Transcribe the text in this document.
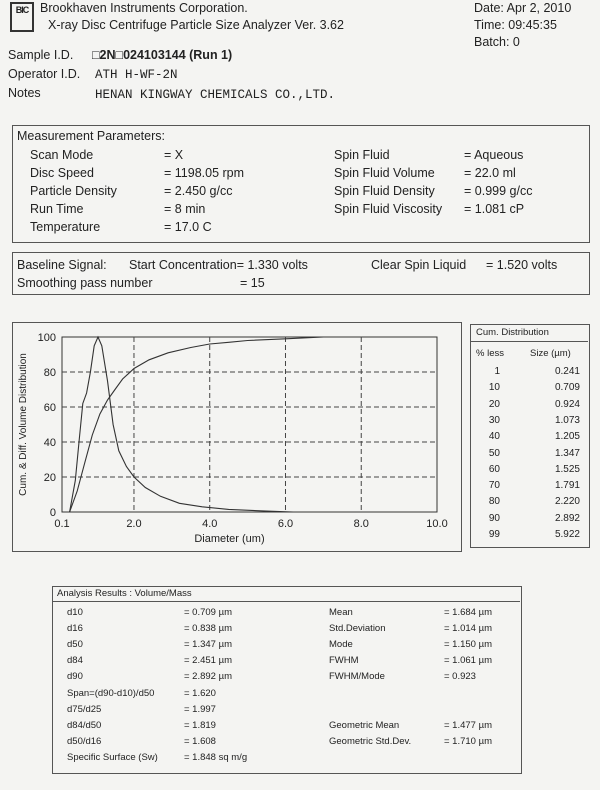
BIC Brookhaven Instruments Corporation.
X-ray Disc Centrifuge Particle Size Analyzer Ver. 3.62
Date: Apr 2, 2010
Time: 09:45:35
Batch: 0
Sample I.D. □2N□024103144 (Run 1)
Operator I.D. ATH H-WF-2N
Notes	HENAN KINGWAY CHEMICALS CO.,LTD.
Measurement Parameters:
Scan Mode	= X
Disc Speed	= 1198.05 rpm
Particle Density	= 2.450 g/cc
Run Time	= 8 min
Temperature	= 17.0 C
Spin Fluid	= Aqueous
Spin Fluid Volume = 22.0 ml
Spin Fluid Density = 0.999 g/cc
Spin Fluid Viscosity = 1.081 cP
Baseline Signal: Start Concentration= 1.330 volts	Clear Spin Liquid = 1.520 volts
Smoothing pass number	= 15
0
20
40
60
80
100
0.1	2.0	4.0	6.0	8.0	10.0
Diameter (um)
Cum. & Diff. Volume Distribution
Cum. Distribution
% less	Size (µm)
1	0.241
10	0.709
20	0.924
30	1.073
40	1.205
50	1.347
60	1.525
70	1.791
80	2.220
90	2.892
99	5.922
Analysis Results : Volume/Mass
d10	= 0.709 µm
d16	= 0.838 µm
d50	= 1.347 µm
d84	= 2.451 µm
d90	= 2.892 µm
Span=(d90-d10)/d50	= 1.620
d75/d25	= 1.997
d84/d50	= 1.819
d50/d16	= 1.608
Specific Surface (Sw)	= 1.848 sq m/g
Mean	= 1.684 µm
Std.Deviation	= 1.014 µm
Mode	= 1.150 µm
FWHM	= 1.061 µm
FWHM/Mode	= 0.923
Geometric Mean	= 1.477 µm
Geometric Std.Dev.	= 1.710 µm
